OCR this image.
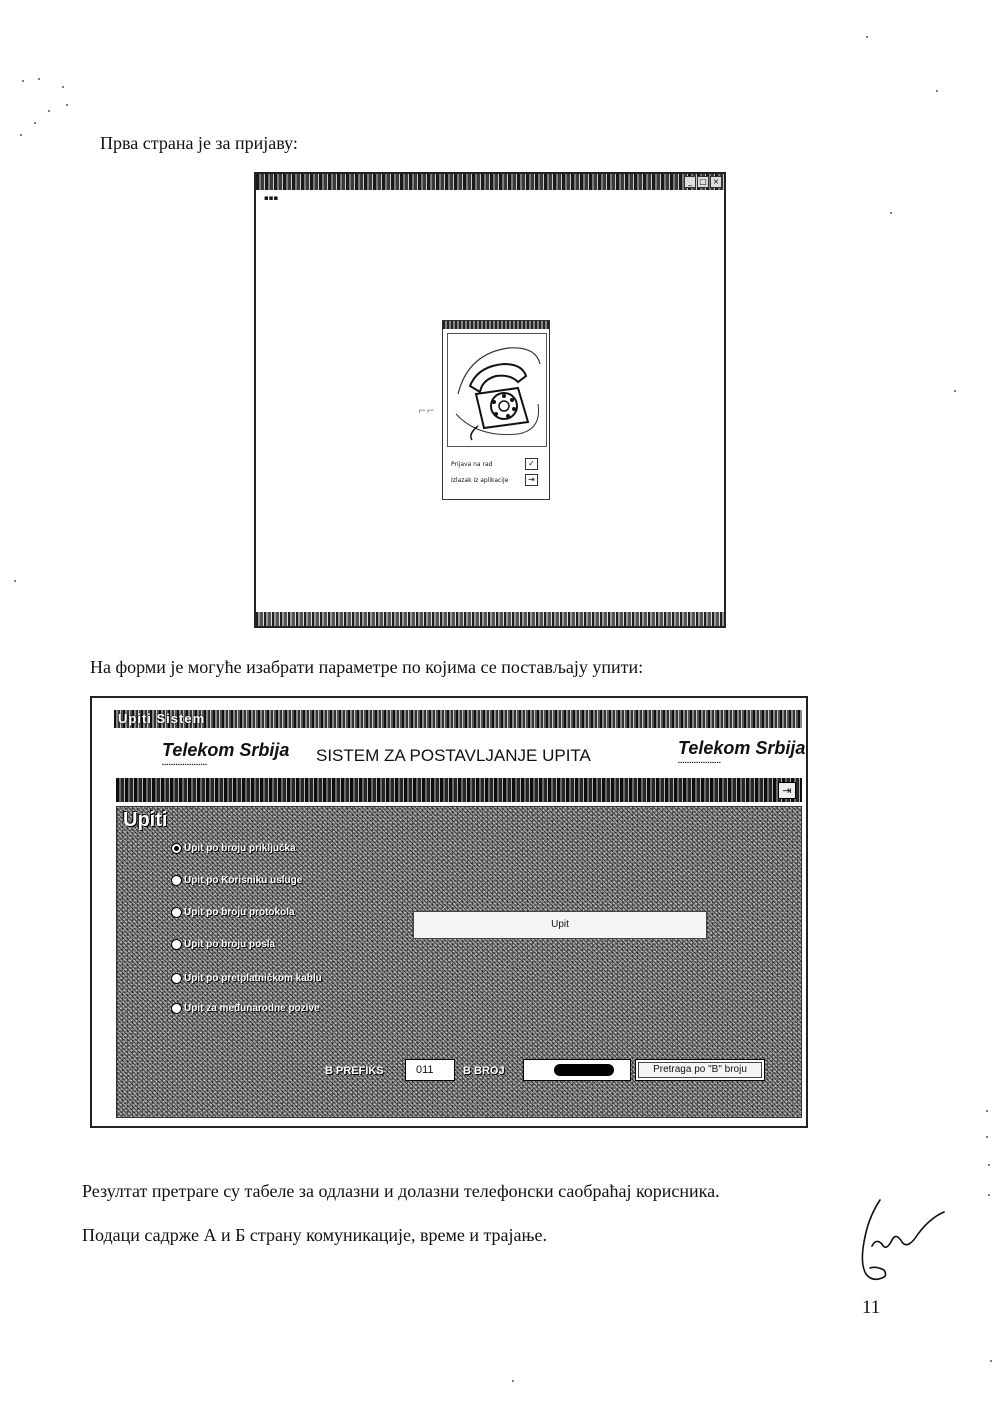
Прва страна је за пријаву:
На форми је могуће изабрати параметре по којима се постављају упити:
Резултат претраге су табеле за одлазни и долазни телефонски саобраћај корисника.
Подаци садрже А и Б страну комуникације, време и трајање.
_ □ ×
▪▪▪
⌐⌐
Prijava na rad	✓
Izlazak iz aplikacije	⇥
Upiti Sistem
Telekom Srbija
▪▪▪▪▪▪▪▪▪▪▪▪▪▪▪▪▪▪▪▪	SISTEM ZA POSTAVLJANJE UPITA	Telekom Srbija
▪▪▪▪▪▪▪▪▪▪▪▪▪▪▪▪▪▪▪
⇥
Upiti
Upit po broju priključka
Upit po Korisniku usluge
Upit po broju protokola
Upit po broju posla
Upit po pretplatničkom kablu
Upit za međunarodne pozive
Upit
B PREFIKS	011	B BROJ	Pretraga po "B" broju
11
